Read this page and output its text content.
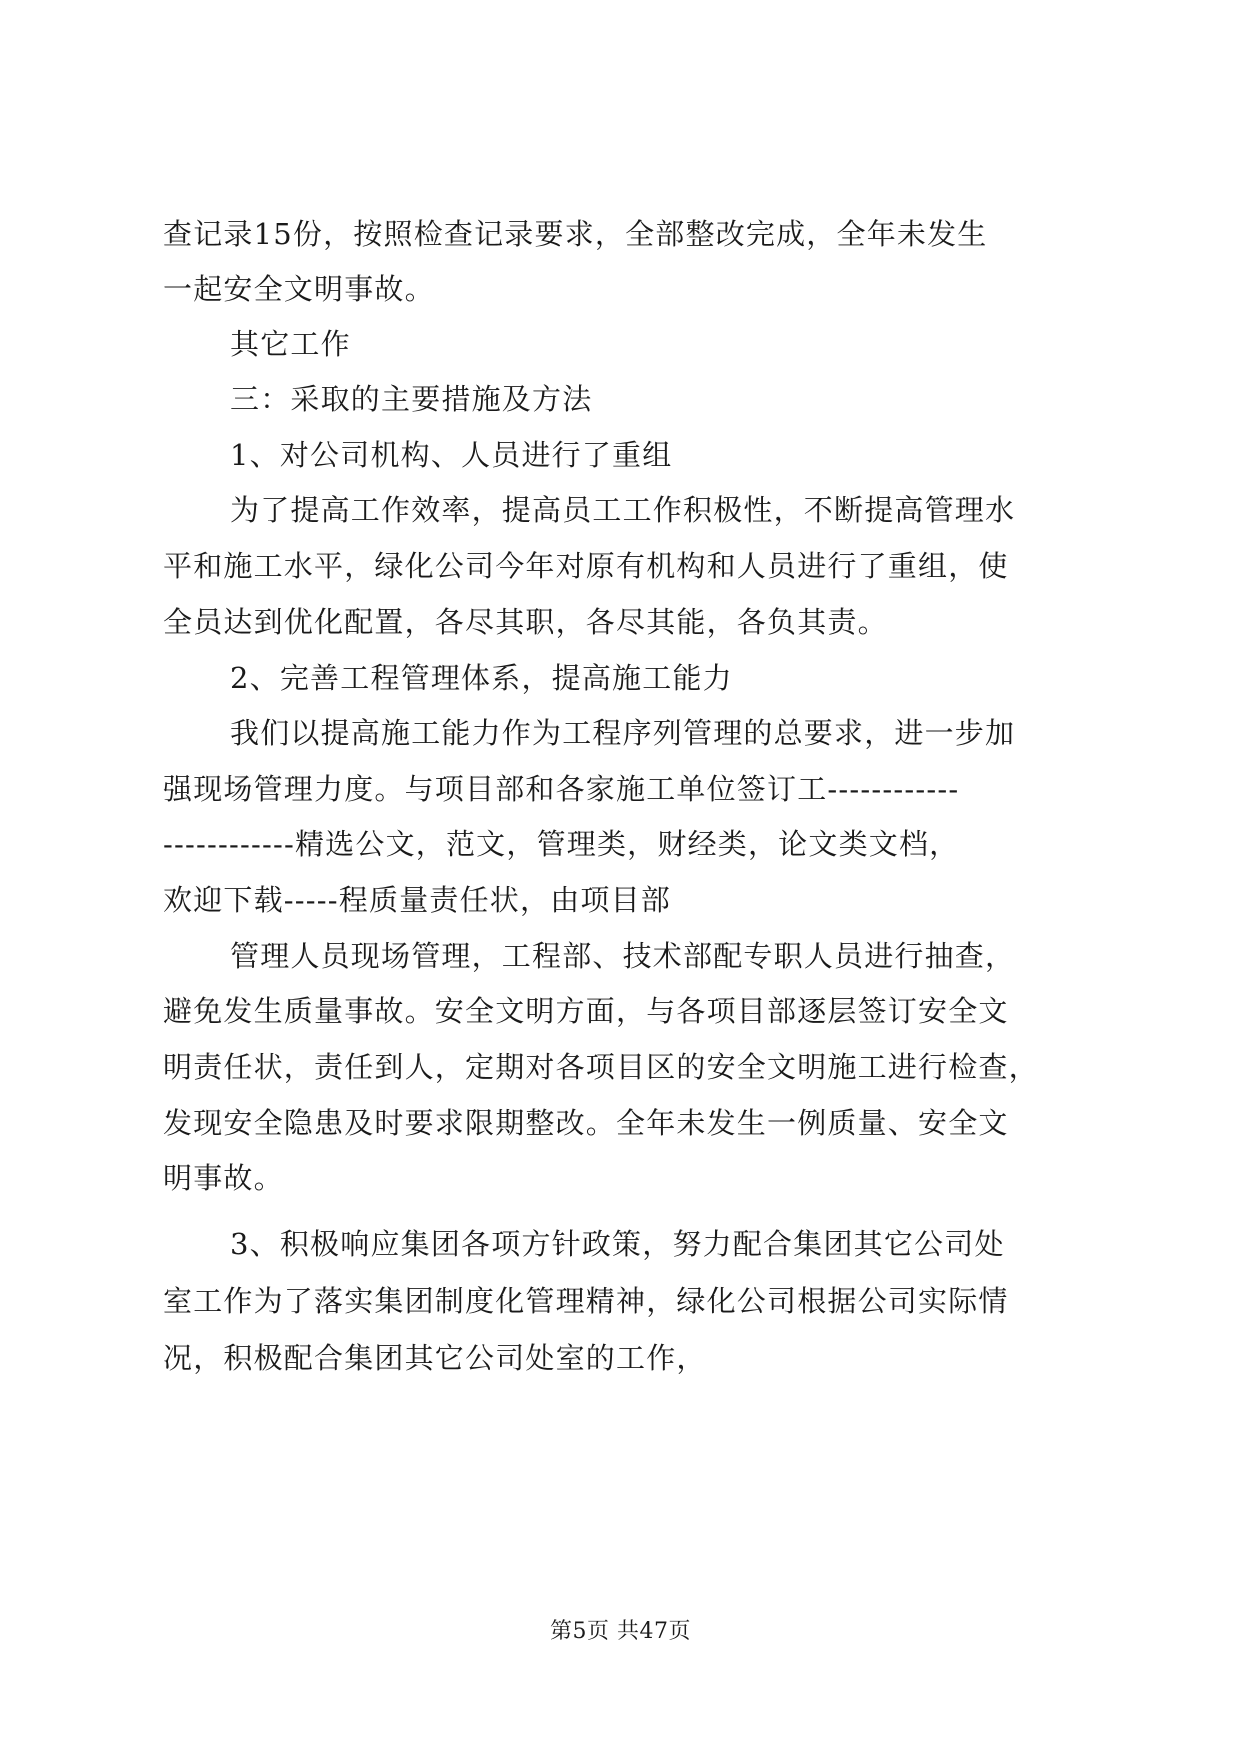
查记录15份，按照检查记录要求，全部整改完成，全年未发生
一起安全文明事故。
其它工作
三：采取的主要措施及方法
1、对公司机构、人员进行了重组
为了提高工作效率，提高员工工作积极性，不断提高管理水
平和施工水平，绿化公司今年对原有机构和人员进行了重组，使
全员达到优化配置，各尽其职，各尽其能，各负其责。
2、完善工程管理体系，提高施工能力
我们以提高施工能力作为工程序列管理的总要求，进一步加
强现场管理力度。与项目部和各家施工单位签订工------------
------------精选公文，范文，管理类，财经类，论文类文档，
欢迎下载-----程质量责任状，由项目部
管理人员现场管理，工程部、技术部配专职人员进行抽查，
避免发生质量事故。安全文明方面，与各项目部逐层签订安全文
明责任状，责任到人，定期对各项目区的安全文明施工进行检查，
发现安全隐患及时要求限期整改。全年未发生一例质量、安全文
明事故。
3、积极响应集团各项方针政策，努力配合集团其它公司处
室工作为了落实集团制度化管理精神，绿化公司根据公司实际情
况，积极配合集团其它公司处室的工作，
第5页 共47页
